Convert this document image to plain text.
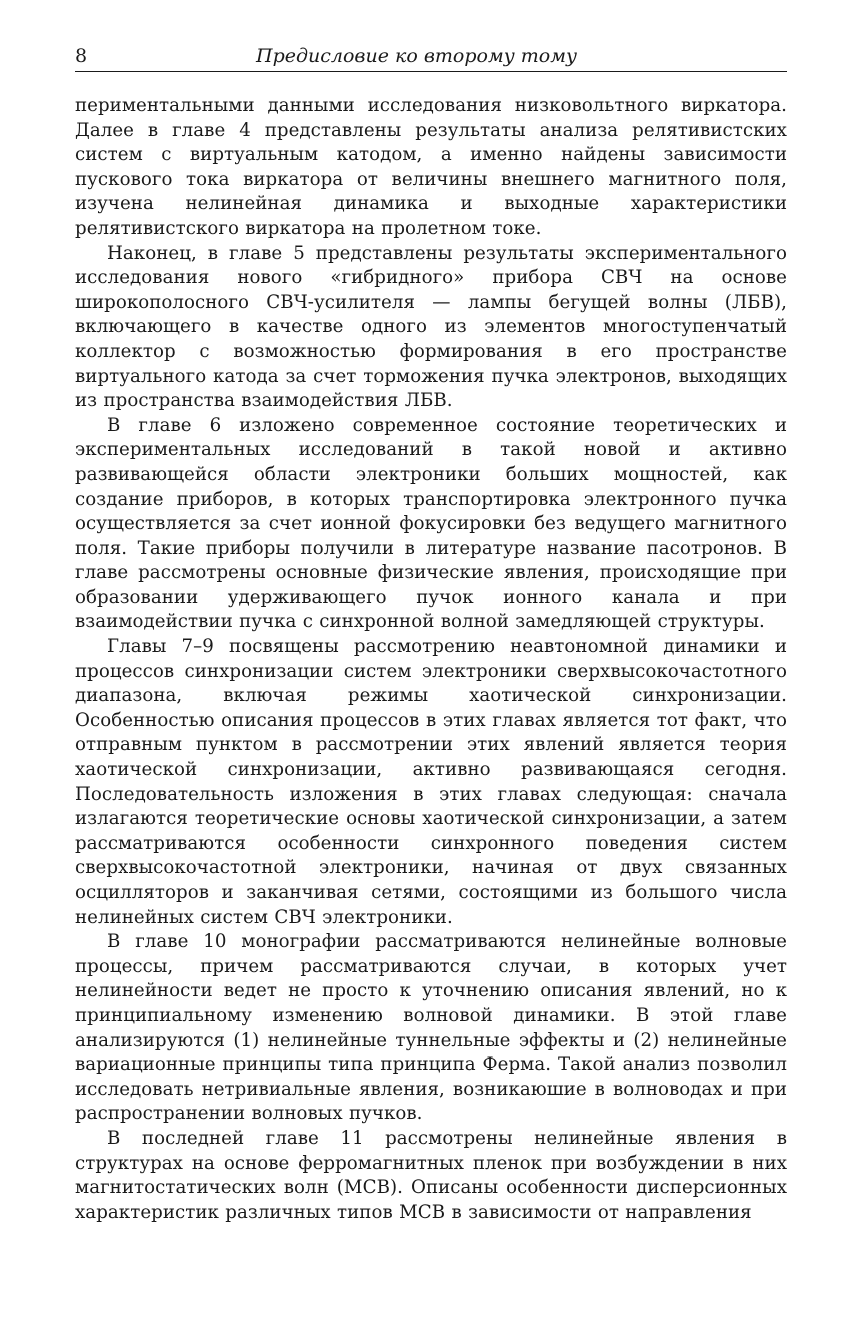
8	Предисловие ко второму тому

периментальными данными исследования низковольтного виркатора. Далее в главе 4 представлены результаты анализа релятивистских систем с виртуальным катодом, а именно найдены зависимости пускового тока виркатора от величины внешнего магнитного поля, изучена нелинейная динамика и выходные характеристики релятивистского виркатора на пролетном токе.

Наконец, в главе 5 представлены результаты экспериментального исследования нового «гибридного» прибора СВЧ на основе широкополосного СВЧ-усилителя — лампы бегущей волны (ЛБВ), включающего в качестве одного из элементов многоступенчатый коллектор с возможностью формирования в его пространстве виртуального катода за счет торможения пучка электронов, выходящих из пространства взаимодействия ЛБВ.

В главе 6 изложено современное состояние теоретических и экспериментальных исследований в такой новой и активно развивающейся области электроники больших мощностей, как создание приборов, в которых транспортировка электронного пучка осуществляется за счет ионной фокусировки без ведущего магнитного поля. Такие приборы получили в литературе название пасотронов. В главе рассмотрены основные физические явления, происходящие при образовании удерживающего пучок ионного канала и при взаимодействии пучка с синхронной волной замедляющей структуры.

Главы 7–9 посвящены рассмотрению неавтономной динамики и процессов синхронизации систем электроники сверхвысокочастотного диапазона, включая режимы хаотической синхронизации. Особенностью описания процессов в этих главах является тот факт, что отправным пунктом в рассмотрении этих явлений является теория хаотической синхронизации, активно развивающаяся сегодня. Последовательность изложения в этих главах следующая: сначала излагаются теоретические основы хаотической синхронизации, а затем рассматриваются особенности синхронного поведения систем сверхвысокочастотной электроники, начиная от двух связанных осцилляторов и заканчивая сетями, состоящими из большого числа нелинейных систем СВЧ электроники.

В главе 10 монографии рассматриваются нелинейные волновые процессы, причем рассматриваются случаи, в которых учет нелинейности ведет не просто к уточнению описания явлений, но к принципиальному изменению волновой динамики. В этой главе анализируются (1) нелинейные туннельные эффекты и (2) нелинейные вариационные принципы типа принципа Ферма. Такой анализ позволил исследовать нетривиальные явления, возникаюшие в волноводах и при распространении волновых пучков.

В последней главе 11 рассмотрены нелинейные явления в структурах на основе ферромагнитных пленок при возбуждении в них магнитостатических волн (МСВ). Описаны особенности дисперсионных характеристик различных типов МСВ в зависимости от направления
